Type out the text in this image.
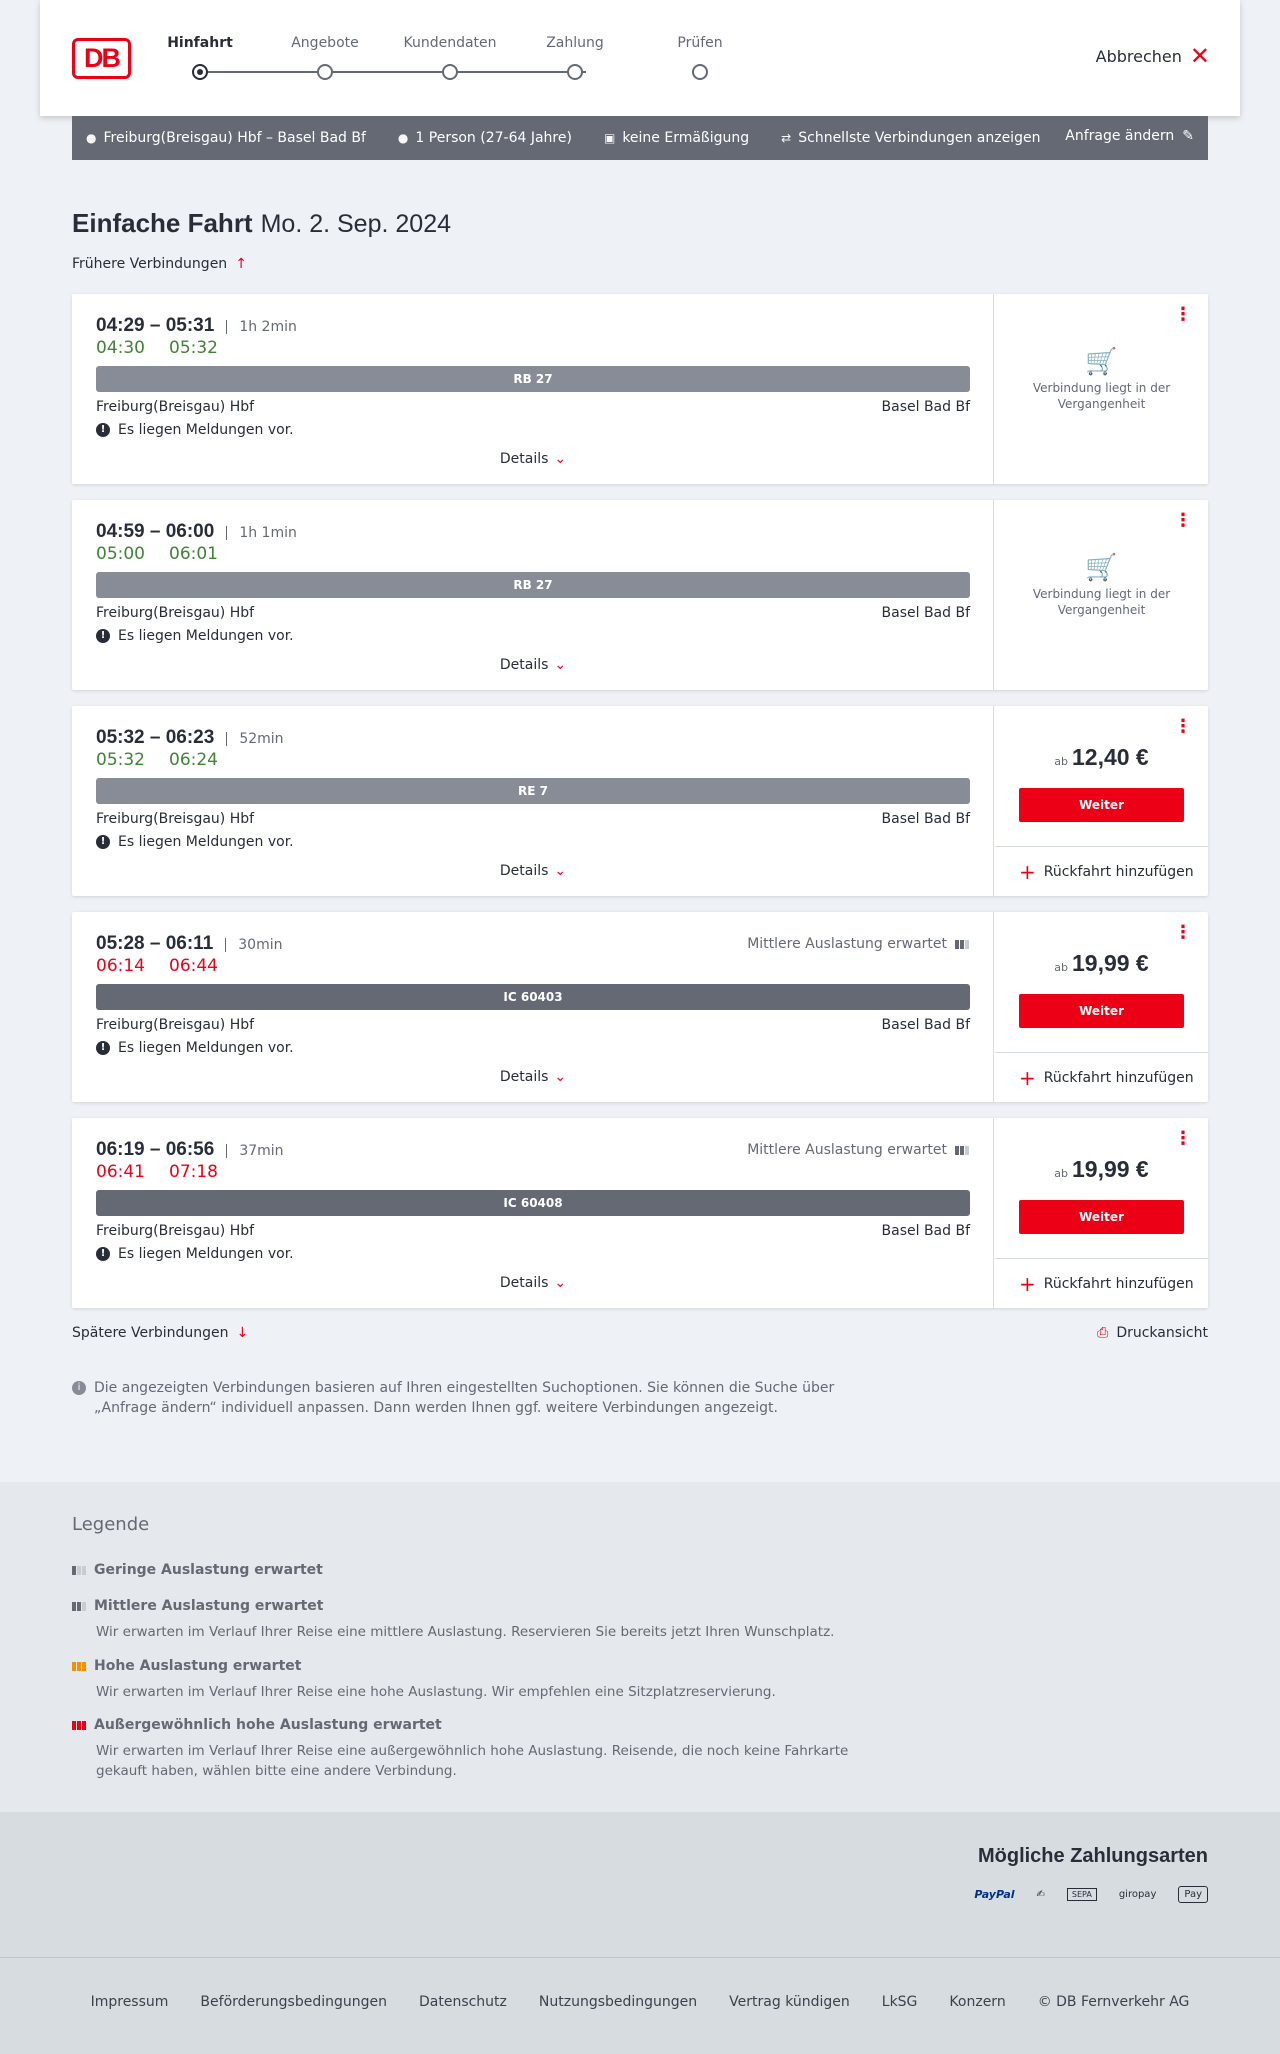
DB	Hinfahrt	Angebote	Kundendaten	Zahlung	Prüfen
Abbrechen ✕
● Freiburg(Breisgau) Hbf – Basel Bad Bf	● 1 Person (27-64 Jahre)	▣ keine Ermäßigung	⇄ Schnellste Verbindungen anzeigen Anfrage ändern ✎
Einfache Fahrt Mo. 2. Sep. 2024
Frühere Verbindungen ↑
04:29 – 05:31	1h 2min
04:30 05:32
RB 27
Freiburg(Breisgau) Hbf	Basel Bad Bf
! Es liegen Meldungen vor.
Details ⌄
⋮
🛒
Verbindung liegt in der Vergangenheit
04:59 – 06:00	1h 1min
05:00 06:01
RB 27
Freiburg(Breisgau) Hbf	Basel Bad Bf
! Es liegen Meldungen vor.
Details ⌄
⋮
🛒
Verbindung liegt in der Vergangenheit
05:32 – 06:23	52min
05:32 06:24
RE 7
Freiburg(Breisgau) Hbf	Basel Bad Bf
! Es liegen Meldungen vor.
Details ⌄
⋮
ab 12,40 €
Weiter
+ Rückfahrt hinzufügen
05:28 – 06:11	30min	Mittlere Auslastung erwartet
06:14 06:44
IC 60403
Freiburg(Breisgau) Hbf	Basel Bad Bf
! Es liegen Meldungen vor.
Details ⌄
⋮
ab 19,99 €
Weiter
+ Rückfahrt hinzufügen
06:19 – 06:56	37min	Mittlere Auslastung erwartet
06:41 07:18
IC 60408
Freiburg(Breisgau) Hbf	Basel Bad Bf
! Es liegen Meldungen vor.
Details ⌄
⋮
ab 19,99 €
Weiter
+ Rückfahrt hinzufügen
Spätere Verbindungen ↓	⎙ Druckansicht
i Die angezeigten Verbindungen basieren auf Ihren eingestellten Suchoptionen. Sie können die Suche über „Anfrage ändern“ individuell anpassen. Dann werden Ihnen ggf. weitere Verbindungen angezeigt.
Legende
Geringe Auslastung erwartet
Mittlere Auslastung erwartet
Wir erwarten im Verlauf Ihrer Reise eine mittlere Auslastung. Reservieren Sie bereits jetzt Ihren Wunschplatz.
Hohe Auslastung erwartet
Wir erwarten im Verlauf Ihrer Reise eine hohe Auslastung. Wir empfehlen eine Sitzplatzreservierung.
Außergewöhnlich hohe Auslastung erwartet
Wir erwarten im Verlauf Ihrer Reise eine außergewöhnlich hohe Auslastung. Reisende, die noch keine Fahrkarte gekauft haben, wählen bitte eine andere Verbindung.
Mögliche Zahlungsarten
PayPal ✍	SEPA	giropay	Pay
Impressum Beförderungsbedingungen Datenschutz Nutzungsbedingungen Vertrag kündigen LkSG Konzern © DB Fernverkehr AG
